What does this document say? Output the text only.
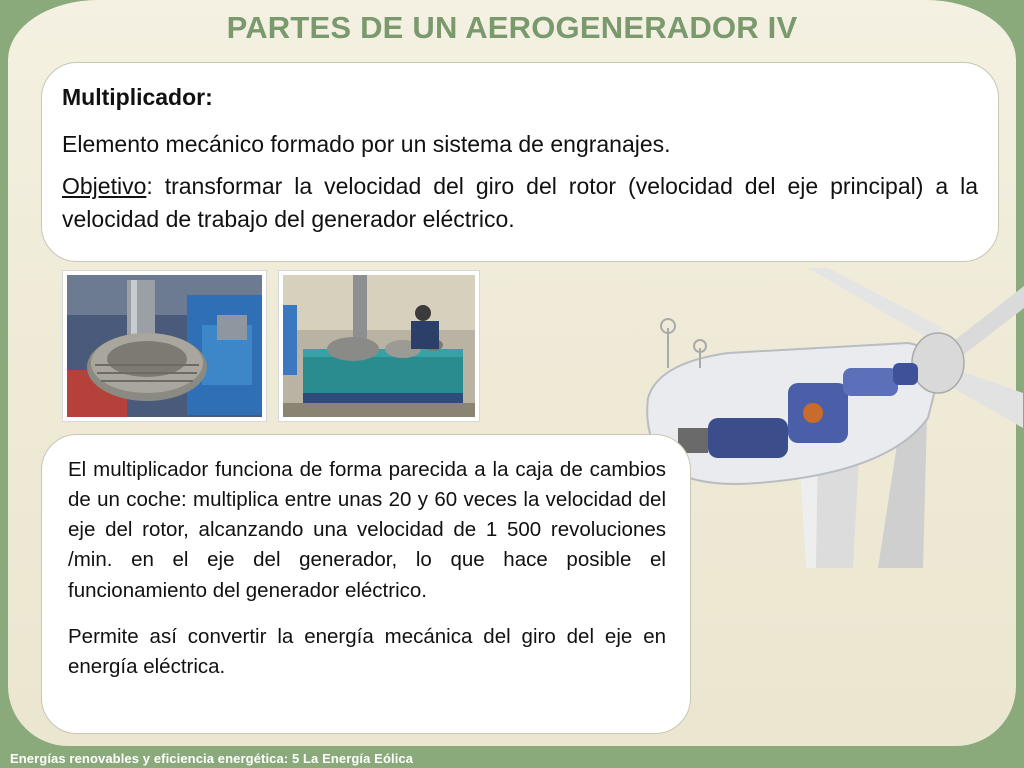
PARTES DE UN AEROGENERADOR IV

Multiplicador:

Elemento mecánico formado por un sistema de engranajes.

Objetivo: transformar la velocidad del giro del rotor (velocidad del eje principal) a la velocidad de trabajo del generador eléctrico.

El multiplicador funciona de forma parecida a la caja de cambios de un coche: multiplica entre unas 20 y 60 veces la velocidad del eje del rotor, alcanzando una velocidad de 1 500 revoluciones /min. en el eje del generador, lo que hace posible el funcionamiento del generador eléctrico.

Permite así convertir la energía mecánica del giro del eje en energía eléctrica.

Energías renovables y eficiencia energética: 5 La Energía Eólica
